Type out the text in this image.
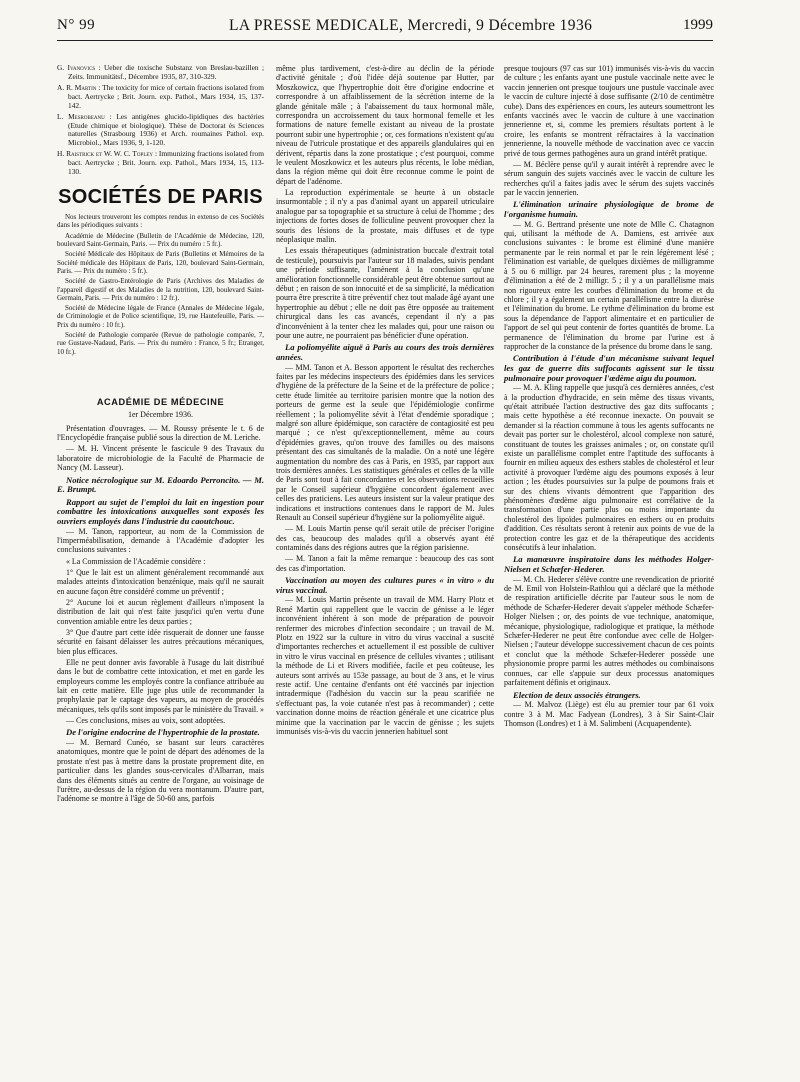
N° 99	LA PRESSE MEDICALE, Mercredi, 9 Décembre 1936	1999

G. Ivanovics : Ueber die toxische Substanz von Breslau-bazillen ; Zeits. Immunitätsf., Décembre 1935, 87, 310-329.

A. R. Martin : The toxicity for mice of certain fractions isolated from bact. Aertrycke ; Brit. Journ. exp. Pathol., Mars 1934, 15, 137-142.

L. Mesrobeanu : Les antigènes glucido-lipidiques des bactéries (Etude chimique et biologique). Thèse de Doctorat ès Sciences naturelles (Strasbourg 1936) et Arch. roumaines Pathol. exp. Microbiol., Mars 1936, 9, 1-120.

H. Raistrick et W. W. C. Topley : Immunizing fractions isolated from bact. Aertrycke ; Brit. Journ. exp. Pathol., Mars 1934, 15, 113-130.

SOCIÉTÉS DE PARIS

Nos lecteurs trouveront les comptes rendus in extenso de ces Sociétés dans les périodiques suivants :

Académie de Médecine (Bulletin de l'Académie de Médecine, 120, boulevard Saint-Germain, Paris. — Prix du numéro : 5 fr.).

Société Médicale des Hôpitaux de Paris (Bulletins et Mémoires de la Société médicale des Hôpitaux de Paris, 120, boulevard Saint-Germain, Paris. — Prix du numéro : 5 fr.).

Société de Gastro-Entérologie de Paris (Archives des Maladies de l'appareil digestif et des Maladies de la nutrition, 120, boulevard Saint-Germain, Paris. — Prix du numéro : 12 fr.).

Société de Médecine légale de France (Annales de Médecine légale, de Criminologie et de Police scientifique, 19, rue Hautefeuille, Paris. — Prix du numéro : 10 fr.).

Société de Pathologie comparée (Revue de pathologie comparée, 7, rue Gustave-Nadaud, Paris. — Prix du numéro : France, 5 fr.; Etranger, 10 fr.).

ACADÉMIE DE MÉDECINE

1er Décembre 1936.

Présentation d'ouvrages. — M. Roussy présente le t. 6 de l'Encyclopédie française publié sous la direction de M. Leriche.

— M. H. Vincent présente le fascicule 9 des Travaux du laboratoire de microbiologie de la Faculté de Pharmacie de Nancy (M. Lasseur).

Notice nécrologique sur M. Edoardo Perroncito. — M. E. Brumpt.
Rapport au sujet de l'emploi du lait en ingestion pour combattre les intoxications auxquelles sont exposés les ouvriers employés dans l'industrie du caoutchouc.

— M. Tanon, rapporteur, au nom de la Commission de l'imperméabilisation, demande à l'Académie d'adopter les conclusions suivantes :

« La Commission de l'Académie considère :

1° Que le lait est un aliment généralement recommandé aux malades atteints d'intoxication benzénique, mais qu'il ne saurait en aucune façon être considéré comme un préventif ;

2° Aucune loi et aucun règlement d'ailleurs n'imposent la distribution de lait qui n'est faite jusqu'ici qu'en vertu d'une convention amiable entre les deux parties ;

3° Que d'autre part cette idée risquerait de donner une fausse sécurité en faisant délaisser les autres précautions mécaniques, bien plus efficaces.

Elle ne peut donner avis favorable à l'usage du lait distribué dans le but de combattre cette intoxication, et met en garde les employeurs comme les employés contre la confiance attribuée au lait en cette matière. Elle juge plus utile de recommander la prophylaxie par le captage des vapeurs, au moyen de procédés mécaniques, tels qu'ils sont imposés par le ministère du Travail. »

— Ces conclusions, mises au voix, sont adoptées.

De l'origine endocrine de l'hypertrophie de la prostate.

— M. Bernard Cunéo, se basant sur leurs caractères anatomiques, montre que le point de départ des adénomes de la prostate n'est pas à mettre dans la prostate proprement dite, en particulier dans les glandes sous-cervicales d'Albarran, mais dans des éléments situés au centre de l'organe, au voisinage de l'urètre, au-dessus de la région du vera montanum. D'autre part, l'adénome se montre à l'âge de 50-60 ans, parfois

même plus tardivement, c'est-à-dire au déclin de la période d'activité génitale ; d'où l'idée déjà soutenue par Hutter, par Moszkowicz, que l'hypertrophie doit être d'origine endocrine et correspondre à un affaiblissement de la sécrétion interne de la glande génitale mâle ; à l'abaissement du taux hormonal mâle, correspondra un accroissement du taux hormonal femelle et les formations de nature femelle existant au niveau de la prostate pourront subir une hypertrophie ; or, ces formations n'existent qu'au niveau de l'utricule prostatique et des appareils glandulaires qui en dérivent, répartis dans la zone prostatique ; c'est pourquoi, comme le veulent Moszkowicz et les auteurs plus récents, le lobe médian, dans la région même qui doit être reconnue comme le point de départ de l'adénome.

La reproduction expérimentale se heurte à un obstacle insurmontable ; il n'y a pas d'animal ayant un appareil utriculaire analogue par sa topographie et sa structure à celui de l'homme ; des injections de fortes doses de folliculine peuvent provoquer chez la souris des lésions de la prostate, mais diffuses et de type néoplasique malin.

Les essais thérapeutiques (administration buccale d'extrait total de testicule), poursuivis par l'auteur sur 18 malades, suivis pendant une période suffisante, l'amènent à la conclusion qu'une amélioration fonctionnelle considérable peut être obtenue surtout au début ; en raison de son innocuité et de sa simplicité, la médication pourra être prescrite à titre préventif chez tout malade âgé ayant une hypertrophie au début ; elle ne doit pas être opposée au traitement chirurgical dans les cas avancés, cependant il n'y a pas d'inconvénient à la tenter chez les malades qui, pour une raison ou pour une autre, ne pourraient pas bénéficier d'une opération.

La poliomyélite aiguë à Paris au cours des trois dernières années.

— MM. Tanon et A. Besson apportent le résultat des recherches faites par les médecins inspecteurs des épidémies dans les services d'hygiène de la préfecture de la Seine et de la préfecture de police ; cette étude limitée au territoire parisien montre que la notion des porteurs de germe est la seule que l'épidémiologie confirme réellement ; la poliomyélite sévit à l'état d'endémie sporadique ; malgré son allure épidémique, son caractère de contagiosité est peu marqué ; ce n'est qu'exceptionnellement, même au cours d'épidémies graves, qu'on trouve des familles ou des maisons présentant des cas simultanés de la maladie. On a noté une légère augmentation du nombre des cas à Paris, en 1935, par rapport aux trois dernières années. Les statistiques générales et celles de la ville de Paris sont tout à fait concordantes et les observations recueillies par le Conseil supérieur d'hygiène concordent également avec celles des praticiens. Les auteurs insistent sur la valeur pratique des indications et instructions contenues dans le rapport de M. Jules Renault au Conseil supérieur d'hygiène sur la poliomyélite aiguë.

— M. Louis Martin pense qu'il serait utile de préciser l'origine des cas, beaucoup des malades qu'il a observés ayant été contaminés dans des régions autres que la région parisienne.

— M. Tanon a fait la même remarque : beaucoup des cas sont des cas d'importation.

Vaccination au moyen des cultures pures « in vitro » du virus vaccinal.

— M. Louis Martin présente un travail de MM. Harry Plotz et René Martin qui rappellent que le vaccin de génisse a le léger inconvénient inhérent à son mode de préparation de pouvoir renfermer des microbes d'infection secondaire ; un travail de M. Plotz en 1922 sur la culture in vitro du virus vaccinal a suscité d'importantes recherches et actuellement il est possible de cultiver in vitro le virus vaccinal en présence de cellules vivantes ; utilisant la méthode de Li et Rivers modifiée, facile et peu coûteuse, les auteurs sont arrivés au 153e passage, au bout de 3 ans, et le virus reste actif. Une centaine d'enfants ont été vaccinés par injection intradermique (l'adhésion du vaccin sur la peau scarifiée ne s'effectuant pas, la voie cutanée n'est pas à recommander) ; cette vaccination donne moins de réaction générale et une cicatrice plus minime que la vaccination par le vaccin de génisse ; les sujets immunisés vis-à-vis du vaccin jennerien habituel sont

presque toujours (97 cas sur 101) immunisés vis-à-vis du vaccin de culture ; les enfants ayant une pustule vaccinale nette avec le vaccin jennerien ont presque toujours une pustule vaccinale avec le vaccin de culture injecté à dose suffisante (2/10 de centimètre cube). Dans des expériences en cours, les auteurs soumettront les enfants vaccinés avec le vaccin de culture à une vaccination jennerienne et, si, comme les premiers résultats portent à le croire, les enfants se montrent réfractaires à la vaccination jennerienne, la nouvelle méthode de vaccination avec ce vaccin privé de tous germes pathogènes aura un grand intérêt pratique.

— M. Béclère pense qu'il y aurait intérêt à reprendre avec le sérum sanguin des sujets vaccinés avec le vaccin de culture les recherches qu'il a faites jadis avec le sérum des sujets vaccinés par le vaccin jennerien.

L'élimination urinaire physiologique de brome de l'organisme humain.

— M. G. Bertrand présente une note de Mlle C. Chatagnon qui, utilisant la méthode de A. Damiens, est arrivée aux conclusions suivantes : le brome est éliminé d'une manière permanente par le rein normal et par le rein légèrement lésé ; l'élimination est variable, de quelques dixièmes de milligramme à 5 ou 6 milligr. par 24 heures, rarement plus ; la moyenne d'élimination a été de 2 milligr. 5 ; il y a un parallélisme mais non rigoureux entre les courbes d'élimination du brome et du chlore ; il y a également un certain parallélisme entre la diurèse et l'élimination du brome. Le rythme d'élimination du brome est sous la dépendance de l'apport alimentaire et en particulier de l'apport de sel qui peut contenir de fortes quantités de brome. La permanence de l'élimination du brome par l'urine est à rapprocher de la constance de la présence du brome dans le sang.

Contribution à l'étude d'un mécanisme suivant lequel les gaz de guerre dits suffocants agissent sur le tissu pulmonaire pour provoquer l'œdème aigu du poumon.

— M. A. Kling rappelle que jusqu'à ces dernières années, c'est à la production d'hydracide, en sein même des tissus vivants, qu'était attribuée l'action destructive des gaz dits suffocants ; mais cette hypothèse a été reconnue inexacte. On pouvait se demander si la réaction commune à tous les agents suffocants ne devait pas porter sur le cholestérol, alcool complexe non saturé, constituant de toutes les graisses animales ; or, on constate qu'il existe un parallélisme complet entre l'aptitude des suffocants à fournir en milieu aqueux des esthers stables de cholestérol et leur activité à provoquer l'œdème aigu des poumons exposés à leur action ; les études poursuivies sur la pulpe de poumons frais et sur des chiens vivants démontrent que l'apparition des phénomènes d'œdème aigu pulmonaire est corrélative de la transformation d'une partie plus ou moins importante du cholestérol des lipoïdes pulmonaires en esthers ou en produits d'addition. Ces résultats seront à retenir aux points de vue de la protection contre les gaz et de la thérapeutique des accidents consécutifs à leur inhalation.

La manœuvre inspiratoire dans les méthodes Holger-Nielsen et Schæfer-Hederer.

— M. Ch. Hederer s'élève contre une revendication de priorité de M. Emil von Holstein-Rathlou qui a déclaré que la méthode de respiration artificielle décrite par l'auteur sous le nom de méthode de Schæfer-Hederer devait s'appeler méthode Schæfer-Holger Nielsen ; or, des points de vue technique, anatomique, mécanique, physiologique, radiologique et pratique, la méthode Schæfer-Hederer ne peut être confondue avec celle de Holger-Nielsen ; l'auteur développe successivement chacun de ces points et conclut que la méthode Schæfer-Hederer possède une physionomie propre parmi les autres méthodes ou combinaisons connues, car elle s'appuie sur deux processus anatomiques parfaitement définis et originaux.

Election de deux associés étrangers.

— M. Malvoz (Liège) est élu au premier tour par 61 voix contre 3 à M. Mac Fadyean (Londres), 3 à Sir Saint-Clair Thomson (Londres) et 1 à M. Salimbeni (Acquapendente).
